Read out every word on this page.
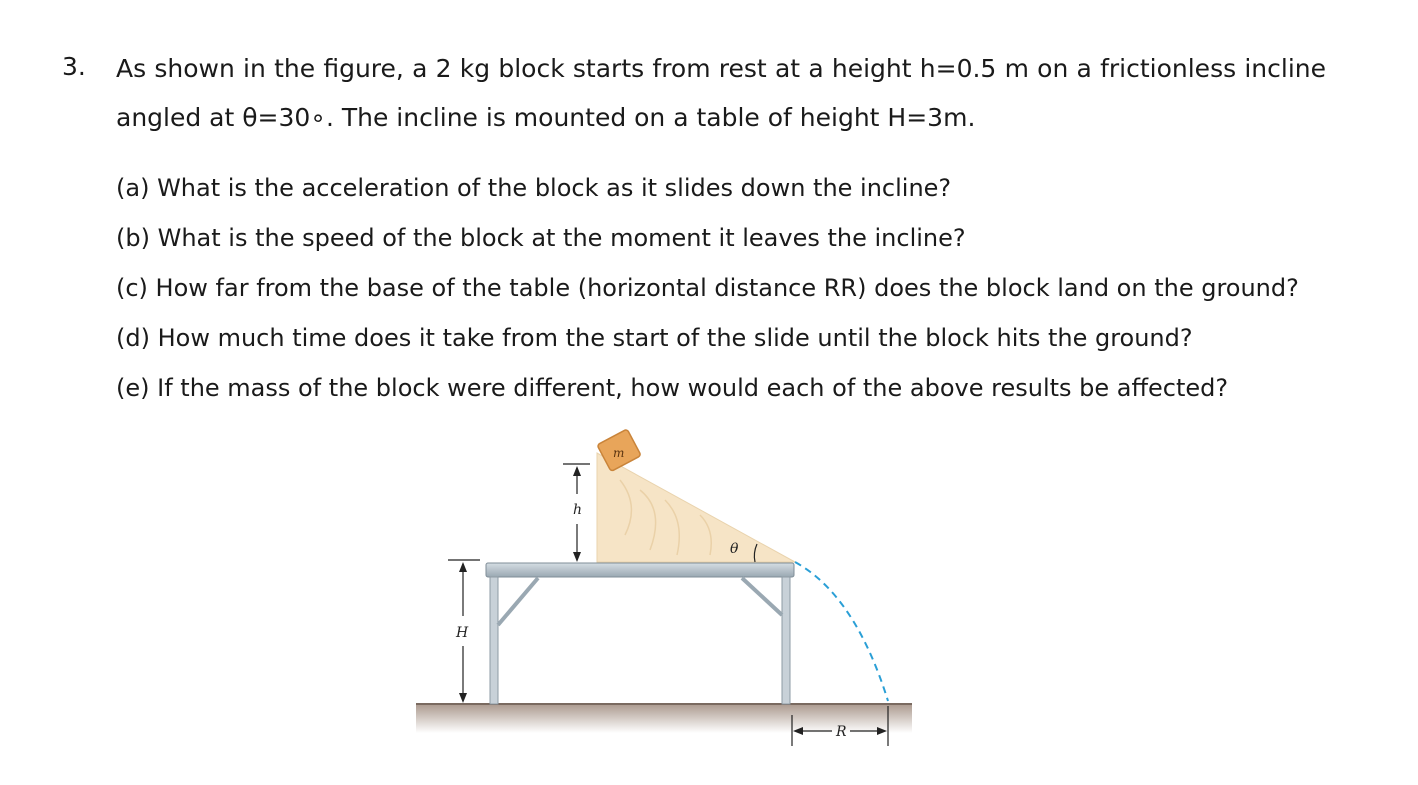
3. As shown in the figure, a 2 kg block starts from rest at a height h=0.5 m on a frictionless incline angled at θ=30∘. The incline is mounted on a table of height H=3m.
(a) What is the acceleration of the block as it slides down the incline?
(b) What is the speed of the block at the moment it leaves the incline?
(c) How far from the base of the table (horizontal distance RR) does the block land on the ground?
(d) How much time does it take from the start of the slide until the block hits the ground?
(e) If the mass of the block were different, how would each of the above results be affected?
m
h
θ
H
R
